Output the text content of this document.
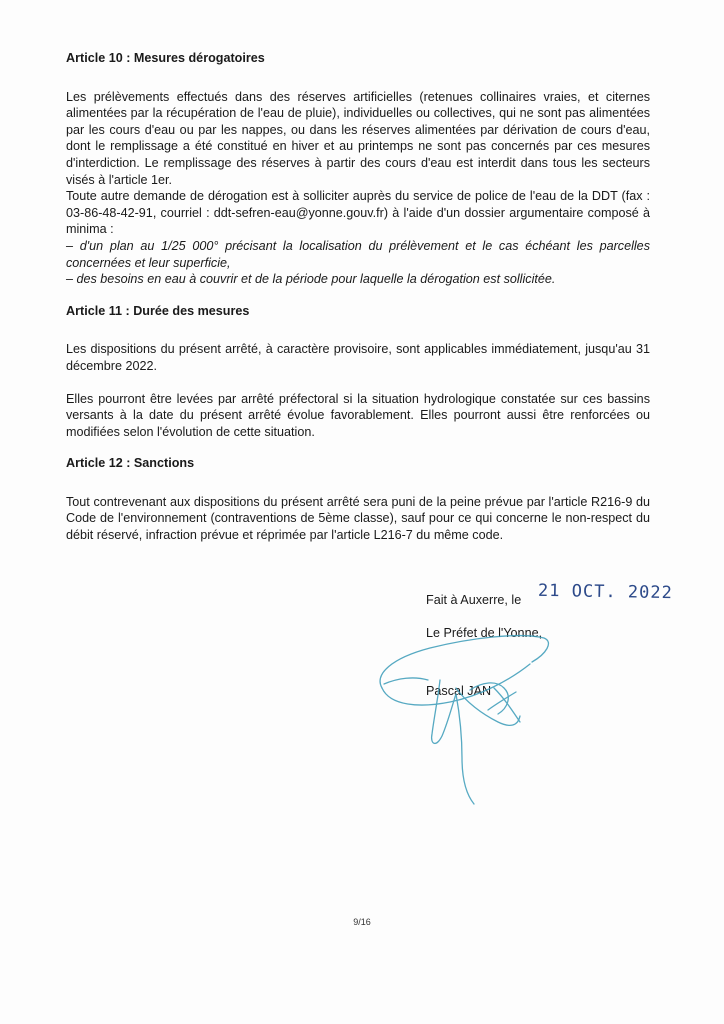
Article 10 : Mesures dérogatoires

Les prélèvements effectués dans des réserves artificielles (retenues collinaires vraies, et citernes alimentées par la récupération de l'eau de pluie), individuelles ou collectives, qui ne sont pas alimentées par les cours d'eau ou par les nappes, ou dans les réserves alimentées par dérivation de cours d'eau, dont le remplissage a été constitué en hiver et au printemps ne sont pas concernés par ces mesures d'interdiction. Le remplissage des réserves à partir des cours d'eau est interdit dans tous les secteurs visés à l'article 1er.

Toute autre demande de dérogation est à solliciter auprès du service de police de l'eau de la DDT (fax : 03-86-48-42-91, courriel : ddt-sefren-eau@yonne.gouv.fr) à l'aide d'un dossier argumentaire composé à minima :

– d'un plan au 1/25 000° précisant la localisation du prélèvement et le cas échéant les parcelles concernées et leur superficie,

– des besoins en eau à couvrir et de la période pour laquelle la dérogation est sollicitée.

Article 11 : Durée des mesures

Les dispositions du présent arrêté, à caractère provisoire, sont applicables immédiatement, jusqu'au 31 décembre 2022.

Elles pourront être levées par arrêté préfectoral si la situation hydrologique constatée sur ces bassins versants à la date du présent arrêté évolue favorablement. Elles pourront aussi être renforcées ou modifiées selon l'évolution de cette situation.

Article 12 : Sanctions

Tout contrevenant aux dispositions du présent arrêté sera puni de la peine prévue par l'article R216-9 du Code de l'environnement (contraventions de 5ème classe), sauf pour ce qui concerne le non-respect du débit réservé, infraction prévue et réprimée par l'article L216-7 du même code.

Fait à Auxerre, le 21 OCT. 2022
Le Préfet de l'Yonne,
Pascal JAN
9/16
